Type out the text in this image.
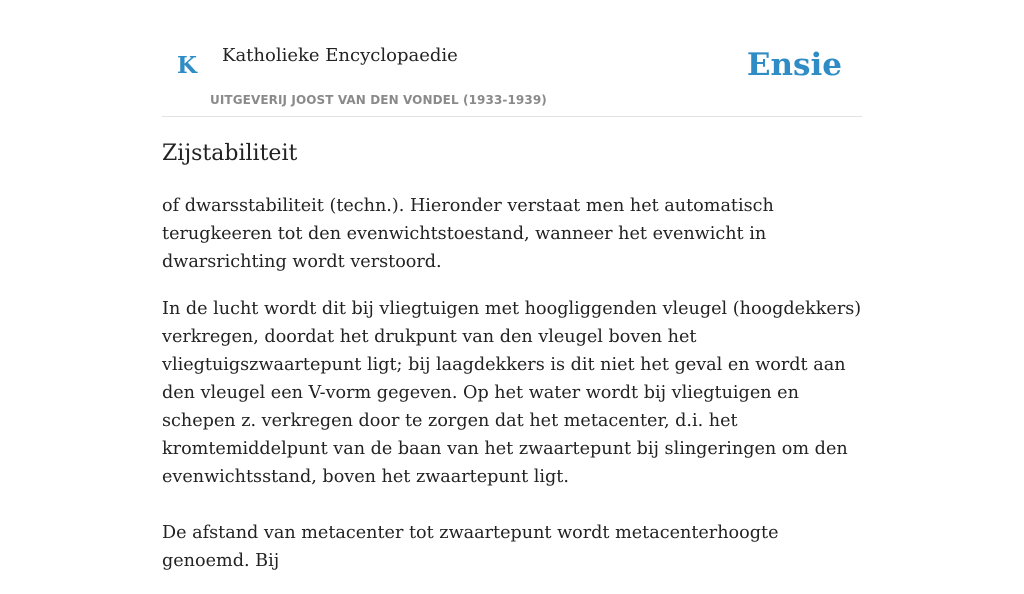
K Katholieke Encyclopaedie
UITGEVERIJ JOOST VAN DEN VONDEL (1933-1939)
Ensie
Zijstabiliteit

of dwarsstabiliteit (techn.). Hieronder verstaat men het automatisch terugkeeren tot den evenwichtstoestand, wanneer het evenwicht in dwarsrichting wordt verstoord.

In de lucht wordt dit bij vliegtuigen met hoogliggenden vleugel (hoogdekkers) verkregen, doordat het drukpunt van den vleugel boven het vliegtuigszwaartepunt ligt; bij laagdekkers is dit niet het geval en wordt aan den vleugel een V-vorm gegeven. Op het water wordt bij vliegtuigen en schepen z. verkregen door te zorgen dat het metacenter, d.i. het kromtemiddelpunt van de baan van het zwaartepunt bij slingeringen om den evenwichtsstand, boven het zwaartepunt ligt.

De afstand van metacenter tot zwaartepunt wordt metacenterhoogte genoemd. Bij
